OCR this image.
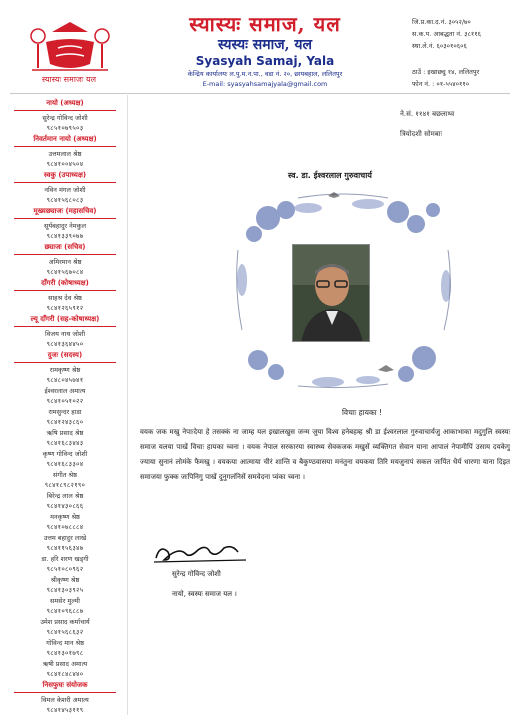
स्यास्यः समाजः यल
स्यास्यः समाज, यल
स्यस्यः समाज, यल
Syasyah Samaj, Yala
केन्द्रिय कार्यालयः ल.पु.म.न.पा., वडा नं. २०, छायबहाल, ललितपुर
E-mail: syasyahsamajyala@gmail.com
जि.प्र.का.द.नं. ३०५२/७०
स.क.प. आबद्धता नं. ३८११६
स्था.ले.नं. ६०३०१०६०६
ठाउँ : इखाछ्यु १४, ललितपुर
फोन नं. : ०१-५५४०११०
नायो (अध्यक्ष)
सुरेन्द्र गोविन्द जोशी
९८५१०७९५०३
निवर्तमान नायो (अध्यक्ष)
उत्तमलाल श्रेष्ठ
९८४१००४५०४
स्वकु (उपाध्यक्ष)
नविन मंगल जोशी
९८४१५६८०८३
मूख्यछ्याजः (महासचिव)
सूर्यबहादुर नेमकुल
९८४१३३९०७७
छ्याजः (सचिव)
अमिरमान श्रेष्ठ
९८४१५६७०८४
दाँगरी (कोषाध्यक्ष)
साहश्र देव श्रेष्ठ
९८४१२६५९१२
ल्यू दाँगरी (सह-कोषाध्यक्ष)
विजय नाथ जोशी
९८४१३६४४५०
दुजः (सदस्य)
रामकृष्ण श्रेष्ठ
९८४८०४५७४१
ईश्वरलाल अमात्य
९८४१०५१०२२
रामसुन्दर हाडा
९८४१२४३८६०
ऋषि प्रसाद श्रेष्ठ
९८४१६८३४४३
कृष्ण गोविन्द जोशी
९८४१६८३३०४
संगीत श्रेष्ठ
९८४१८९८२१९०
बिरेन्द्र लाल श्रेष्ठ
९८४१४३०८६६
मनकृष्ण श्रेष्ठ
९८४१०७८८८४
उत्तम बहादुर लाखे
९८४११५६३४७
डा. हरि शरण खड्गी
९८५१०८०९६२
श्रीकृष्ण श्रेष्ठ
९८४१३०३९२५
समसेर मुल्मी
९८४१०९६८८७
उमेश प्रसाद कर्माचार्य
९८४१५६८६३२
गोविन्द मान श्रेष्ठ
९८४१३०१७९८
ऋषी प्रसाद अमात्य
९८४१८४८४४०
निसफुघः संयोजक
विमल केशरी अमात्य
९८४१४५३११९
ने.सं. ११४१ बछलाथ्व
त्रियोदशी सोमबाः
स्व. डा. ईश्वरलाल गुरुवाचार्य
विचाः हायका !
वयक जक मखु नेपाःदेया हे तसक्कं ना जाम्ह यल इखालखुस जन्म जुया विश्व हनेबहम्ह श्री डा ईश्वरलाल गुरुवाचार्यजु आकाभाका मदुगुलि स्वस्यः समाज यलया पाखें विचाः हायका च्वना । वयक नेपाल सरकारया स्वास्थ्य सेवकजक मखुसें व्यक्तिगत सेवान याना आपालं नेपामीपिं उसाय दयकेगु ज्याया सुनानं लोमंके फैमखु । वयकया आत्माया चीरं शान्ति व बैकुण्ठवासया मनंतुना वयकया तिरि मयजुनापं सकल जःपिंत धैर्य धारणा याना दिइत समाजया फुक्क जःपिनिगु पाखें दुनुगलंनिसें समवेदना प्वंका च्वना ।
सुरेन्द्र गोविन्द जोशी
नायो, स्वस्यः समाज यल ।
